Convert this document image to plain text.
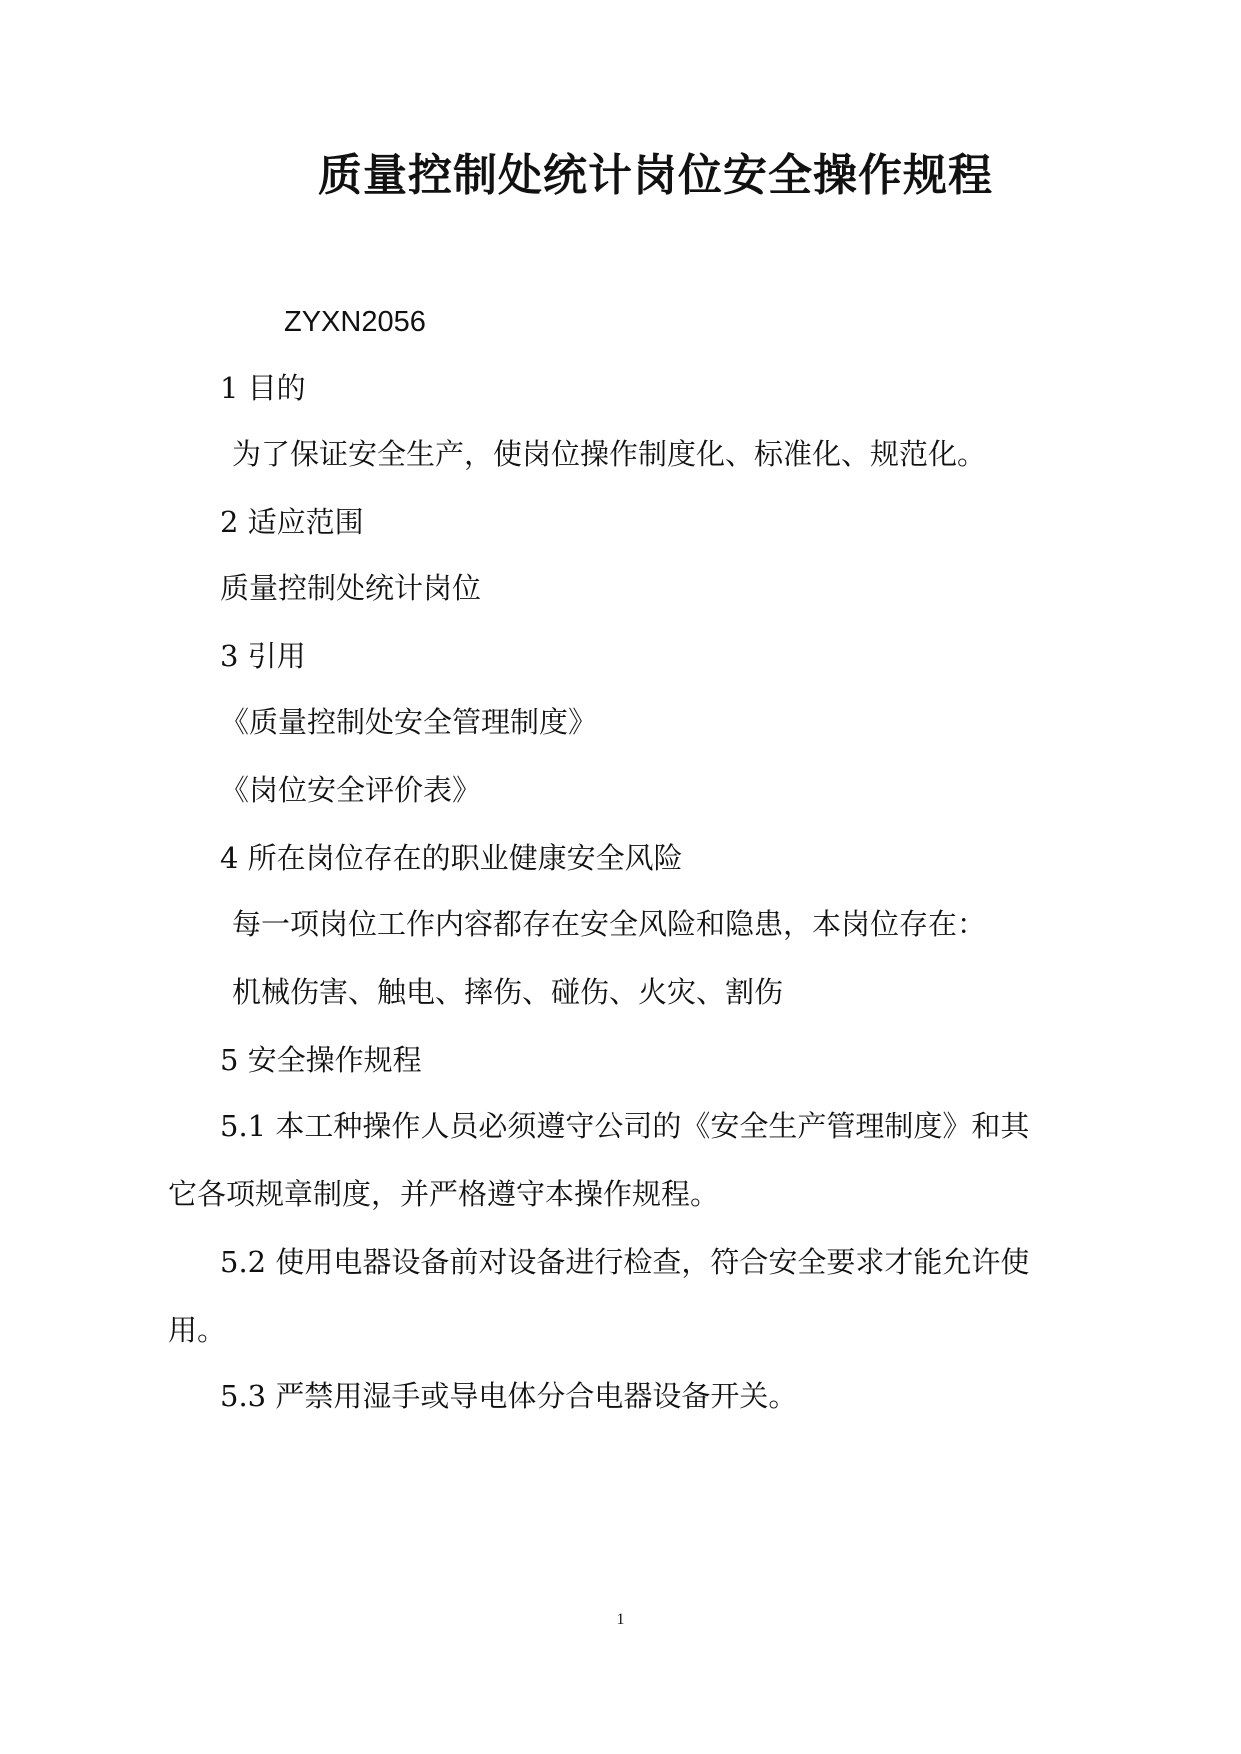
质量控制处统计岗位安全操作规程
ZYXN2056
1 目的
为了保证安全生产，使岗位操作制度化、标准化、规范化。
2 适应范围
质量控制处统计岗位
3 引用
《质量控制处安全管理制度》
《岗位安全评价表》
4 所在岗位存在的职业健康安全风险
每一项岗位工作内容都存在安全风险和隐患，本岗位存在：
机械伤害、触电、摔伤、碰伤、火灾、割伤
5 安全操作规程
5.1 本工种操作人员必须遵守公司的《安全生产管理制度》和其
它各项规章制度，并严格遵守本操作规程。
5.2 使用电器设备前对设备进行检查，符合安全要求才能允许使
用。
5.3 严禁用湿手或导电体分合电器设备开关。
1
